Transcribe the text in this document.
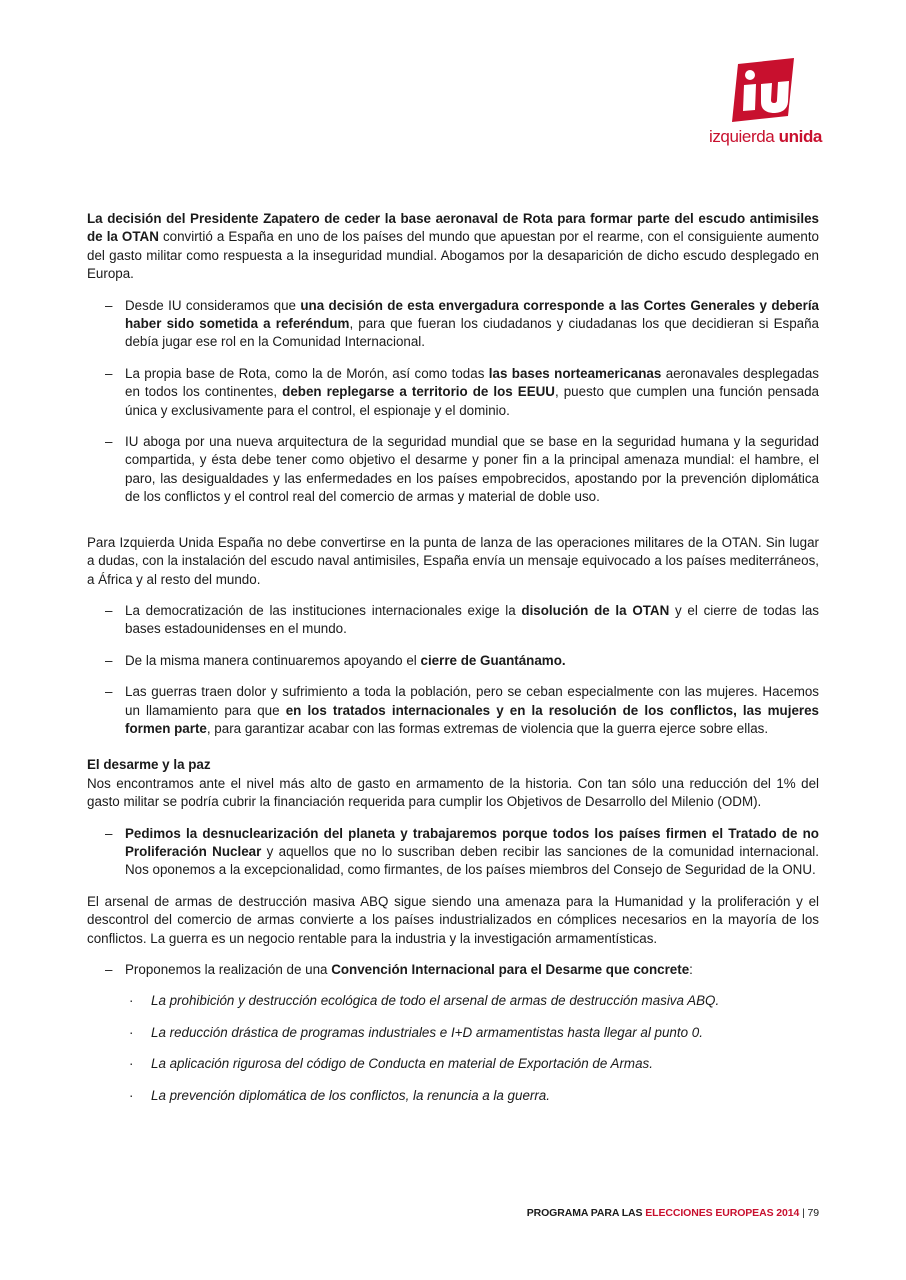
izquierda unida

La decisión del Presidente Zapatero de ceder la base aeronaval de Rota para formar parte del escudo antimisiles de la OTAN convirtió a España en uno de los países del mundo que apuestan por el rearme, con el consiguiente aumento del gasto militar como respuesta a la inseguridad mundial. Abogamos por la desaparición de dicho escudo desplegado en Europa.

– Desde IU consideramos que una decisión de esta envergadura corresponde a las Cortes Generales y debería haber sido sometida a referéndum, para que fueran los ciudadanos y ciudadanas los que decidieran si España debía jugar ese rol en la Comunidad Internacional.
– La propia base de Rota, como la de Morón, así como todas las bases norteamericanas aeronavales desplegadas en todos los continentes, deben replegarse a territorio de los EEUU, puesto que cumplen una función pensada única y exclusivamente para el control, el espionaje y el dominio.
– IU aboga por una nueva arquitectura de la seguridad mundial que se base en la seguridad humana y la seguridad compartida, y ésta debe tener como objetivo el desarme y poner fin a la principal amenaza mundial: el hambre, el paro, las desigualdades y las enfermedades en los países empobrecidos, apostando por la prevención diplomática de los conflictos y el control real del comercio de armas y material de doble uso.

Para Izquierda Unida España no debe convertirse en la punta de lanza de las operaciones militares de la OTAN. Sin lugar a dudas, con la instalación del escudo naval antimisiles, España envía un mensaje equivocado a los países mediterráneos, a África y al resto del mundo.

– La democratización de las instituciones internacionales exige la disolución de la OTAN y el cierre de todas las bases estadounidenses en el mundo.
– De la misma manera continuaremos apoyando el cierre de Guantánamo.
– Las guerras traen dolor y sufrimiento a toda la población, pero se ceban especialmente con las mujeres. Hacemos un llamamiento para que en los tratados internacionales y en la resolución de los conflictos, las mujeres formen parte, para garantizar acabar con las formas extremas de violencia que la guerra ejerce sobre ellas.

El desarme y la paz

Nos encontramos ante el nivel más alto de gasto en armamento de la historia. Con tan sólo una reducción del 1% del gasto militar se podría cubrir la financiación requerida para cumplir los Objetivos de Desarrollo del Milenio (ODM).

– Pedimos la desnuclearización del planeta y trabajaremos porque todos los países firmen el Tratado de no Proliferación Nuclear y aquellos que no lo suscriban deben recibir las sanciones de la comunidad internacional. Nos oponemos a la excepcionalidad, como firmantes, de los países miembros del Consejo de Seguridad de la ONU.

El arsenal de armas de destrucción masiva ABQ sigue siendo una amenaza para la Humanidad y la proliferación y el descontrol del comercio de armas convierte a los países industrializados en cómplices necesarios en la mayoría de los conflictos. La guerra es un negocio rentable para la industria y la investigación armamentísticas.

– Proponemos la realización de una Convención Internacional para el Desarme que concrete:
· La prohibición y destrucción ecológica de todo el arsenal de armas de destrucción masiva ABQ.
· La reducción drástica de programas industriales e I+D armamentistas hasta llegar al punto 0.
· La aplicación rigurosa del código de Conducta en material de Exportación de Armas.
· La prevención diplomática de los conflictos, la renuncia a la guerra.
PROGRAMA PARA LAS ELECCIONES EUROPEAS 2014 | 79
